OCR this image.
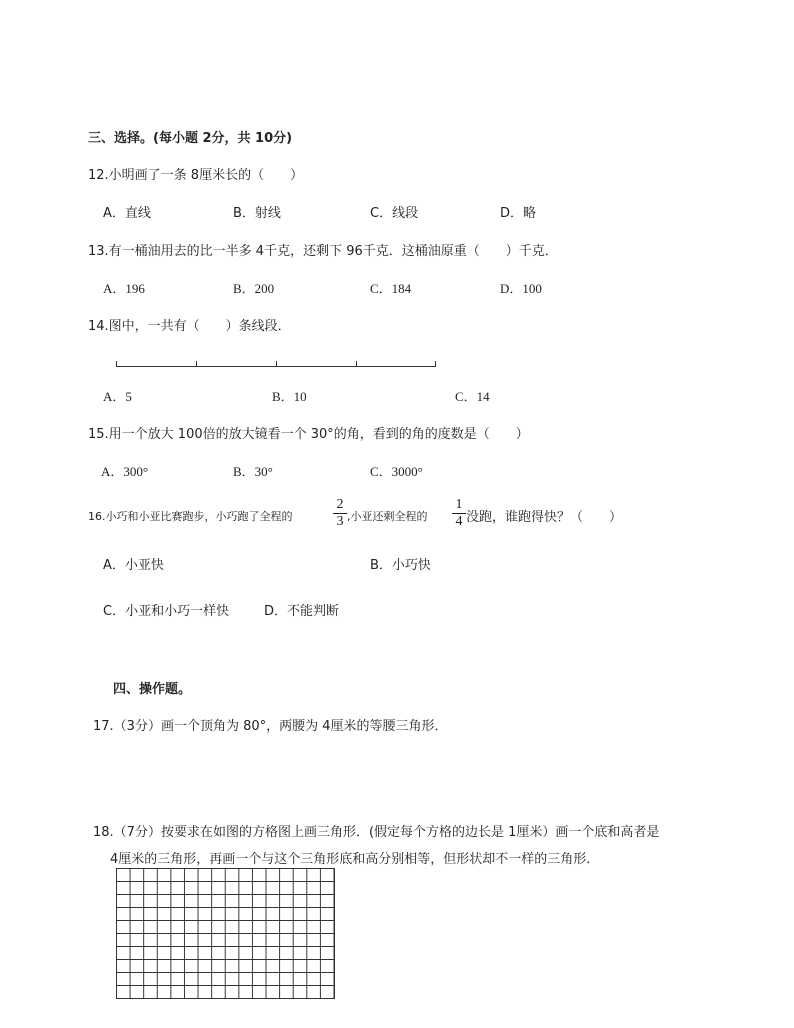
三、选择。(每小题 2分，共 10分)
12.小明画了一条 8厘米长的（　　）
A．直线	B．射线	C．线段	D．略
13.有一桶油用去的比一半多 4千克，还剩下 96千克．这桶油原重（　　）千克．
A．196	B．200	C．184	D．100
14.图中，一共有（　　）条线段．
A．5	B．10	C．14
15.用一个放大 100倍的放大镜看一个 30°的角，看到的角的度数是（　　）
A．300°	B．30°	C．3000°
16.小巧和小亚比赛跑步，小巧跑了全程的
2
3 ,小亚还剩全程的
1
4 没跑，谁跑得快？（　　）
A．小亚快	B．小巧快
C．小亚和小巧一样快	D．不能判断
四、操作题。
17.（3分）画一个顶角为 80°，两腰为 4厘米的等腰三角形．
18.（7分）按要求在如图的方格图上画三角形．(假定每个方格的边长是 1厘米）画一个底和高者是
4厘米的三角形，再画一个与这个三角形底和高分别相等，但形状却不一样的三角形．
